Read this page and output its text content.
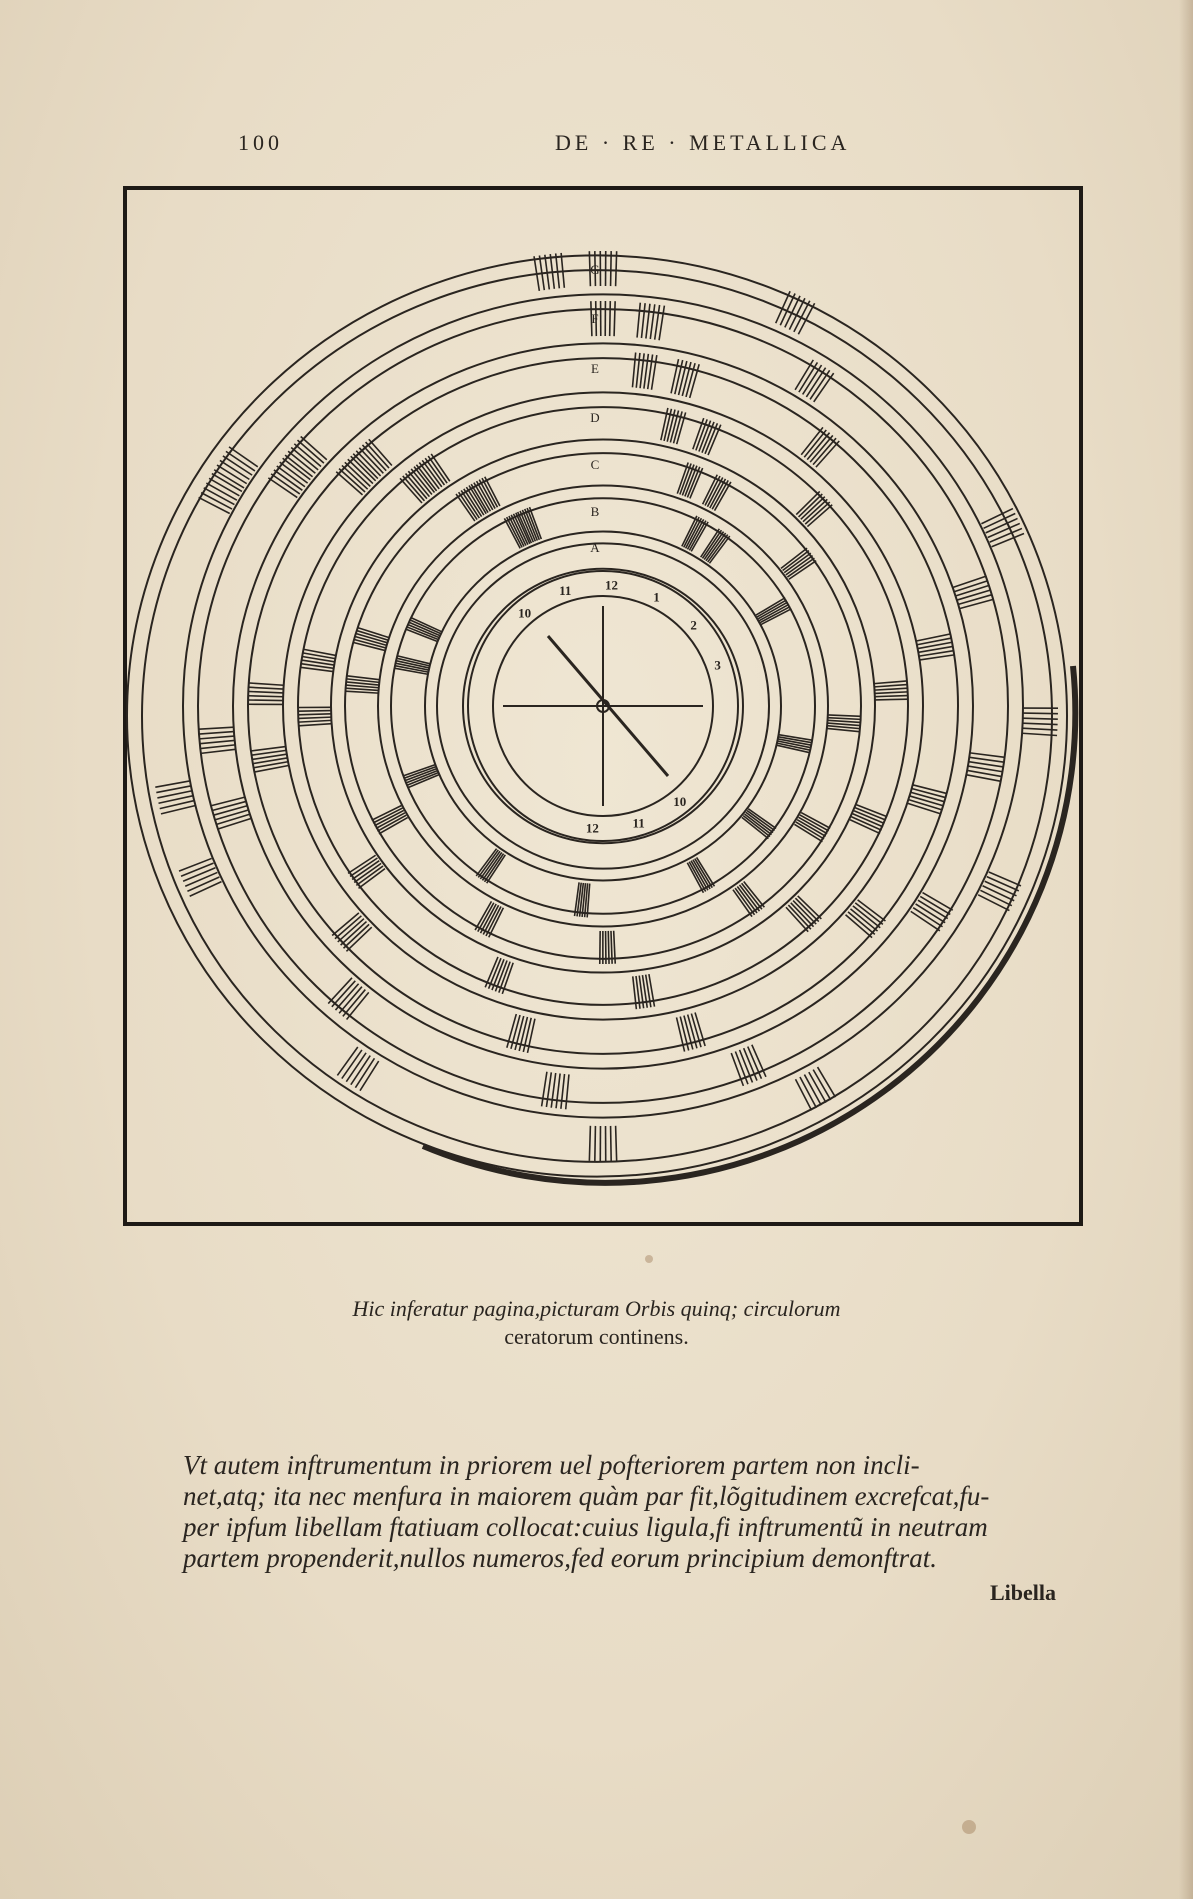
100	DE · RE · METALLICA
G
F
E
D
C
B
A
10
11	12
1
2
3
12	11
10
Hic inferatur pagina,picturam Orbis quinq; circulorum
ceratorum continens.
Vt autem inftrumentum in priorem uel pofteriorem partem non incli-
net,atq; ita nec menfura in maiorem quàm par fit,lõgitudinem excrefcat,fu-
per ipfum libellam ftatiuam collocat:cuius ligula,fi inftrumentũ in neutram
partem propenderit,nullos numeros,fed eorum principium demonftrat.
Libella
